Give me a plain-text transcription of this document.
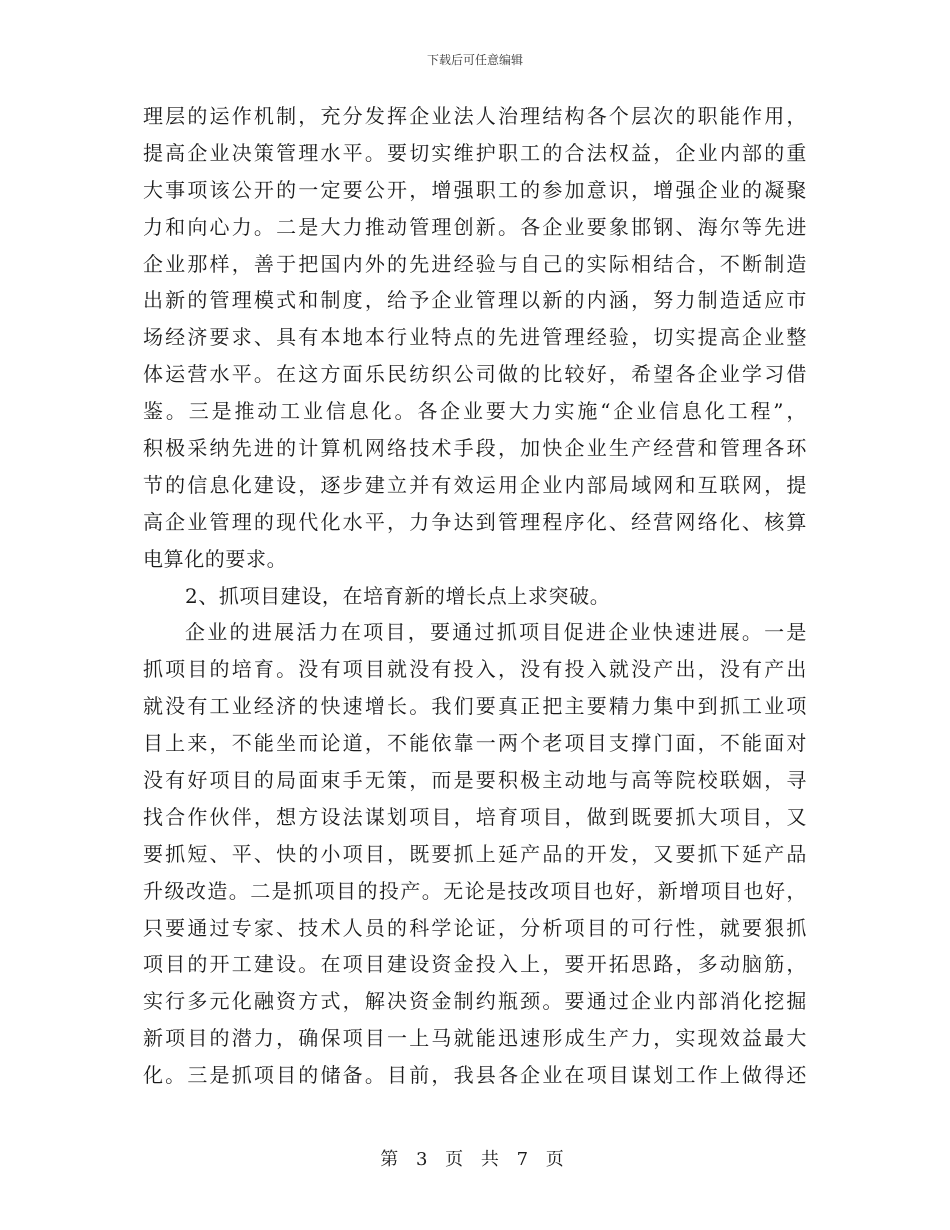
下载后可任意编辑
理层的运作机制，充分发挥企业法人治理结构各个层次的职能作用，
提高企业决策管理水平。要切实维护职工的合法权益，企业内部的重
大事项该公开的一定要公开，增强职工的参加意识，增强企业的凝聚
力和向心力。二是大力推动管理创新。各企业要象邯钢、海尔等先进
企业那样，善于把国内外的先进经验与自己的实际相结合，不断制造
出新的管理模式和制度，给予企业管理以新的内涵，努力制造适应市
场经济要求、具有本地本行业特点的先进管理经验，切实提高企业整
体运营水平。在这方面乐民纺织公司做的比较好，希望各企业学习借
鉴。三是推动工业信息化。各企业要大力实施“企业信息化工程”，
积极采纳先进的计算机网络技术手段，加快企业生产经营和管理各环
节的信息化建设，逐步建立并有效运用企业内部局域网和互联网，提
高企业管理的现代化水平，力争达到管理程序化、经营网络化、核算
电算化的要求。
2、抓项目建设，在培育新的增长点上求突破。
企业的进展活力在项目，要通过抓项目促进企业快速进展。一是
抓项目的培育。没有项目就没有投入，没有投入就没产出，没有产出
就没有工业经济的快速增长。我们要真正把主要精力集中到抓工业项
目上来，不能坐而论道，不能依靠一两个老项目支撑门面，不能面对
没有好项目的局面束手无策，而是要积极主动地与高等院校联姻，寻
找合作伙伴，想方设法谋划项目，培育项目，做到既要抓大项目，又
要抓短、平、快的小项目，既要抓上延产品的开发，又要抓下延产品
升级改造。二是抓项目的投产。无论是技改项目也好，新增项目也好，
只要通过专家、技术人员的科学论证，分析项目的可行性，就要狠抓
项目的开工建设。在项目建设资金投入上，要开拓思路，多动脑筋，
实行多元化融资方式，解决资金制约瓶颈。要通过企业内部消化挖掘
新项目的潜力，确保项目一上马就能迅速形成生产力，实现效益最大
化。三是抓项目的储备。目前，我县各企业在项目谋划工作上做得还
第 3 页 共 7 页
